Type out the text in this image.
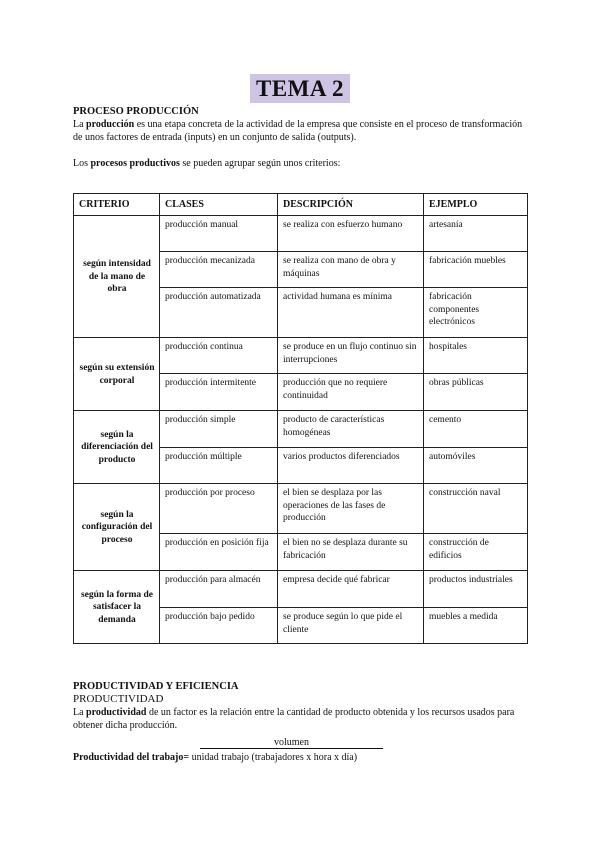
TEMA 2
PROCESO PRODUCCIÓN
La producción es una etapa concreta de la actividad de la empresa que consiste en el proceso de transformación de unos factores de entrada (inputs) en un conjunto de salida (outputs).
Los procesos productivos se pueden agrupar según unos criterios:
CRITERIO	CLASES	DESCRIPCIÓN	EJEMPLO
según intensidad de la mano de obra	producción manual	se realiza con esfuerzo humano	artesanía
	producción mecanizada	se realiza con mano de obra y máquinas	fabricación muebles
	producción automatizada	actividad humana es mínima	fabricación componentes electrónicos
según su extensión corporal	producción continua	se produce en un flujo continuo sin interrupciones	hospitales
	producción intermitente	producción que no requiere continuidad	obras públicas
según la diferenciación del producto	producción simple	producto de características homogéneas	cemento
	producción múltiple	varios productos diferenciados	automóviles
según la configuración del proceso	producción por proceso	el bien se desplaza por las operaciones de las fases de producción	construcción naval
	producción en posición fija	el bien no se desplaza durante su fabricación	construcción de edificios
según la forma de satisfacer la demanda	producción para almacén	empresa decide qué fabricar	productos industriales
	producción bajo pedido	se produce según lo que pide el cliente	muebles a medida
PRODUCTIVIDAD Y EFICIENCIA
PRODUCTIVIDAD
La productividad de un factor es la relación entre la cantidad de producto obtenida y los recursos usados para obtener dicha producción.
volumen
Productividad del trabajo= unidad trabajo (trabajadores x hora x día)
